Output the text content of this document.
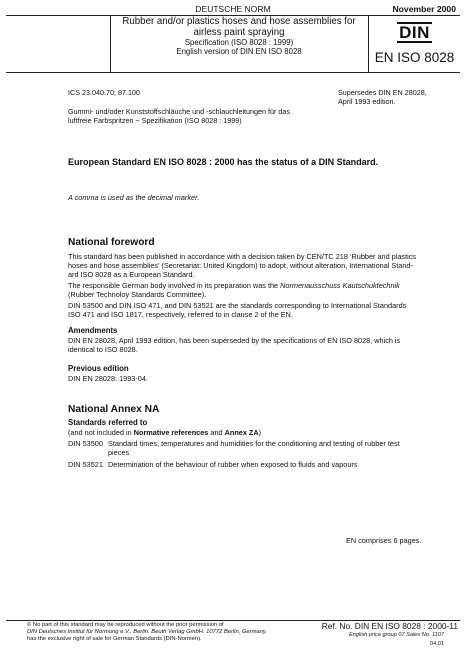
DEUTSCHE NORM	November 2000
Rubber and/or plastics hoses and hose assemblies for
airless paint spraying
Specification (ISO 8028 : 1999)
English version of DIN EN ISO 8028
DIN
EN ISO 8028
ICS 23.040.70; 87.100	Supersedes DIN EN 28028,
April 1993 edition.
Gummi- und/oder Kunststoffschläuche und -schlauchleitungen für das
luftfreie Farbspritzen ~ Spezifikation (ISO 8028 : 1999)
European Standard EN ISO 8028 : 2000 has the status of a DIN Standard.
A comma is used as the decimal marker.
National foreword
This standard has been published in accordance with a decision taken by CEN/TC 218 ‘Rubber and plastics
hoses and hose assemblies’ (Secretariat: United Kingdom) to adopt, without alteration, International Stand-
ard ISO 8028 as a European Standard.
The responsible German body involved in its preparation was the Normenausschuss Kautschuktechnik
(Rubber Technoloy Standards Committee).
DIN 53500 and DIN ISO 471, and DIN 53521 are the standards corresponding to International Standards
ISO 471 and ISO 1817, respectively, referred to in clause 2 of the EN.
Amendments
DIN EN 28028, April 1993 edition, has been superseded by the specifications of EN ISO 8028, which is
identical to ISO 8028.
Previous edition
DIN EN 28028: 1993-04.
National Annex NA
Standards referred to
(and not included in Normative references and Annex ZA)
DIN 53500 Standard times, temperatures and humidities for the conditioning and testing of rubber test
pieces
DIN 53521 Determination of the behaviour of rubber when exposed to fluids and vapours
EN comprises 6 pages.
© No part of this standard may be reproduced without the prior permission of
DIN Deutsches Institut für Normung e.V., Berlin. Beuth Verlag GmbH, 10772 Berlin, Germany,
has the exclusive right of sale for German Standards (DIN-Normen).
Ref. No. DIN EN ISO 8028 : 2000-11
English price group 07 Sales No. 1107
04.01
